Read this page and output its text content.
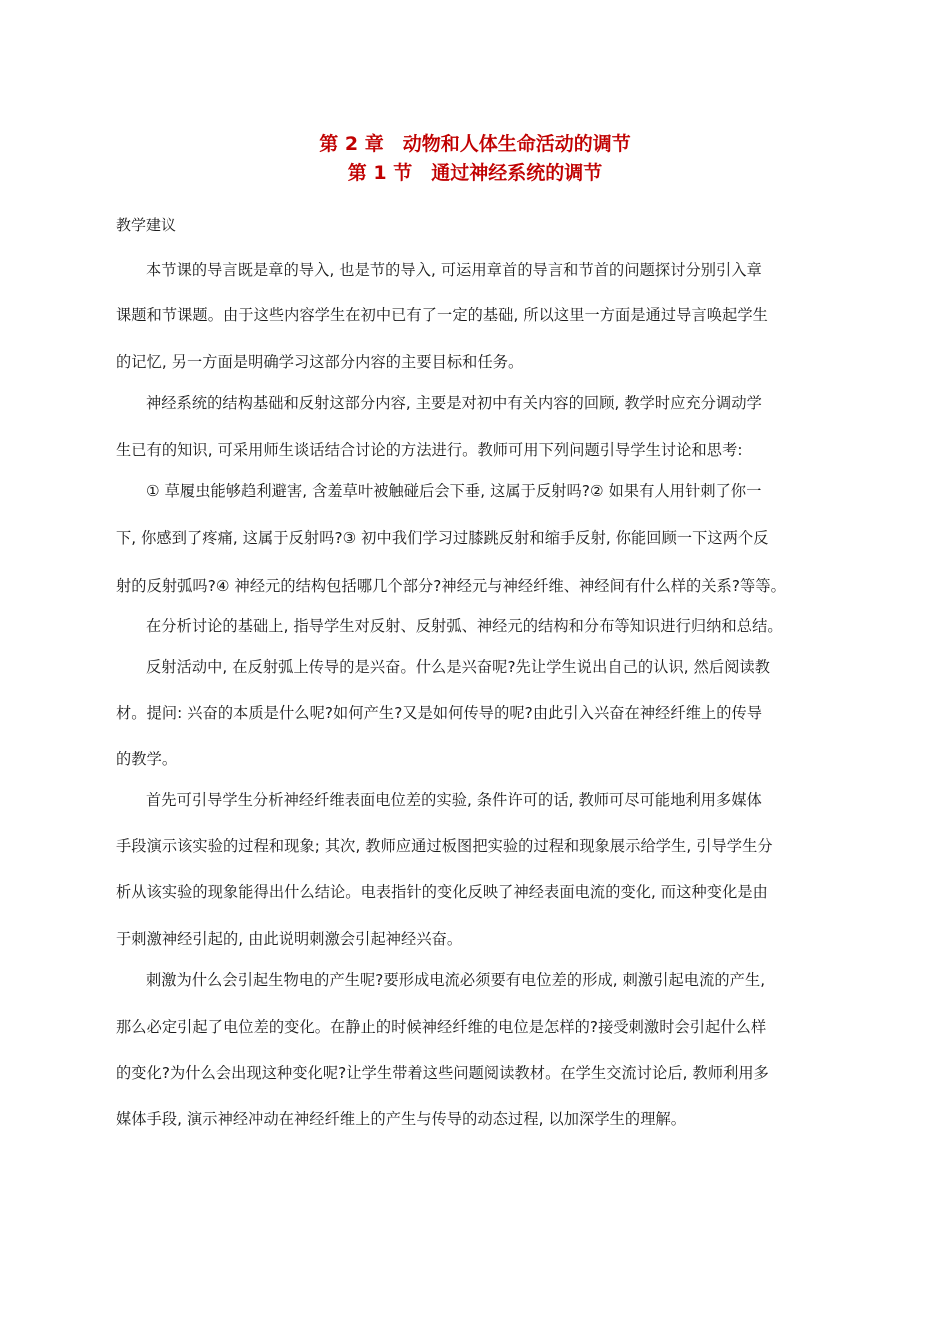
第 2 章　动物和人体生命活动的调节
第 1 节　通过神经系统的调节
教学建议
本节课的导言既是章的导入, 也是节的导入, 可运用章首的导言和节首的问题探讨分别引入章
课题和节课题。由于这些内容学生在初中已有了一定的基础, 所以这里一方面是通过导言唤起学生
的记忆, 另一方面是明确学习这部分内容的主要目标和任务。
神经系统的结构基础和反射这部分内容, 主要是对初中有关内容的回顾, 教学时应充分调动学
生已有的知识, 可采用师生谈话结合讨论的方法进行。教师可用下列问题引导学生讨论和思考:
① 草履虫能够趋利避害, 含羞草叶被触碰后会下垂, 这属于反射吗?② 如果有人用针刺了你一
下, 你感到了疼痛, 这属于反射吗?③ 初中我们学习过膝跳反射和缩手反射, 你能回顾一下这两个反
射的反射弧吗?④ 神经元的结构包括哪几个部分?神经元与神经纤维、神经间有什么样的关系?等等。
在分析讨论的基础上, 指导学生对反射、反射弧、神经元的结构和分布等知识进行归纳和总结。
反射活动中, 在反射弧上传导的是兴奋。什么是兴奋呢?先让学生说出自己的认识, 然后阅读教
材。提问: 兴奋的本质是什么呢?如何产生?又是如何传导的呢?由此引入兴奋在神经纤维上的传导
的教学。
首先可引导学生分析神经纤维表面电位差的实验, 条件许可的话, 教师可尽可能地利用多媒体
手段演示该实验的过程和现象; 其次, 教师应通过板图把实验的过程和现象展示给学生, 引导学生分
析从该实验的现象能得出什么结论。电表指针的变化反映了神经表面电流的变化, 而这种变化是由
于刺激神经引起的, 由此说明刺激会引起神经兴奋。
刺激为什么会引起生物电的产生呢?要形成电流必须要有电位差的形成, 刺激引起电流的产生,
那么必定引起了电位差的变化。在静止的时候神经纤维的电位是怎样的?接受刺激时会引起什么样
的变化?为什么会出现这种变化呢?让学生带着这些问题阅读教材。在学生交流讨论后, 教师利用多
媒体手段, 演示神经冲动在神经纤维上的产生与传导的动态过程, 以加深学生的理解。
